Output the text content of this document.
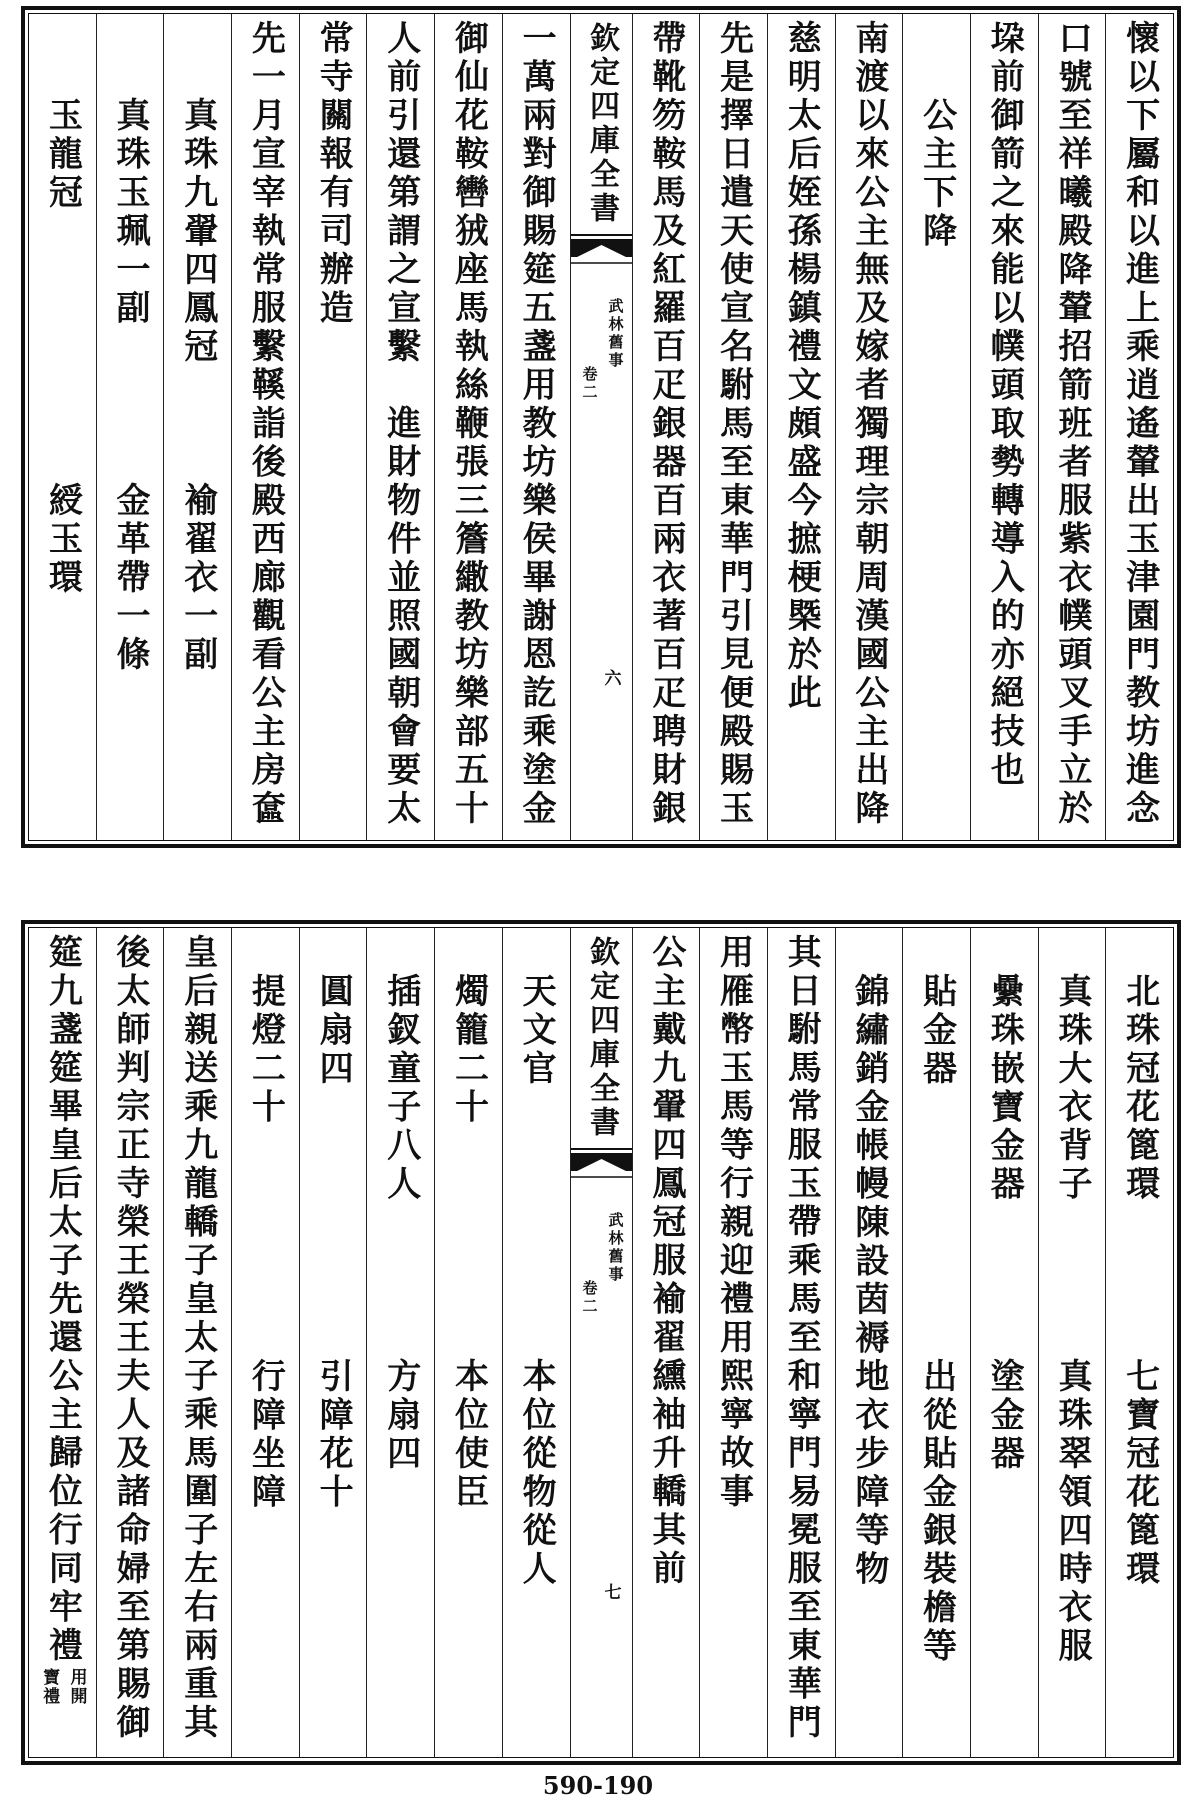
懷以下屬和以進上乘逍遙輦出玉津園門教坊進念
口號至祥曦殿降輦招箭班者服紫衣幞頭叉手立於
垜前御箭之來能以幞頭取勢轉導入的亦絕技也
公主下降
南渡以來公主無及嫁者獨理宗朝周漢國公主出降
慈明太后姪孫楊鎮禮文頗盛今摭梗槩於此
先是擇日遣天使宣名駙馬至東華門引見便殿賜玉
帶靴笏鞍馬及紅羅百疋銀器百兩衣著百疋聘財銀
欽定四庫全書
武林舊事
卷二
六
一萬兩對御賜筵五盞用教坊樂侯畢謝恩訖乘塗金
御仙花鞍轡狨座馬執絲鞭張三簷繖教坊樂部五十
人前引還第謂之宣繫
進財物件並照國朝會要太
常寺關報有司辦造
先一月宣宰執常服繫鞵詣後殿西廊觀看公主房奩
真珠九翬四鳳冠
褕翟衣一副
真珠玉珮一副
金革帶一條
玉龍冠
綬玉環
北珠冠花篦環
七寶冠花篦環
真珠大衣背子
真珠翠領四時衣服
纍珠嵌寶金器
塗金器
貼金器
出從貼金銀裝檐等
錦繡銷金帳幔陳設茵褥地衣步障等物
其日駙馬常服玉帶乘馬至和寧門易冕服至東華門
用雁幣玉馬等行親迎禮用熙寧故事
公主戴九翬四鳳冠服褕翟纁袖升轎其前
欽定四庫全書
武林舊事
卷二
七
天文官
本位從物從人
燭籠二十
本位使臣
插釵童子八人
方扇四
圓扇四
引障花十
提燈二十
行障坐障
皇后親送乘九龍轎子皇太子乘馬圍子左右兩重其
後太師判宗正寺榮王榮王夫人及諸命婦至第賜御
筵九盞筵畢皇后太子先還公主歸位行同牢禮
用開
寶禮
590-190
